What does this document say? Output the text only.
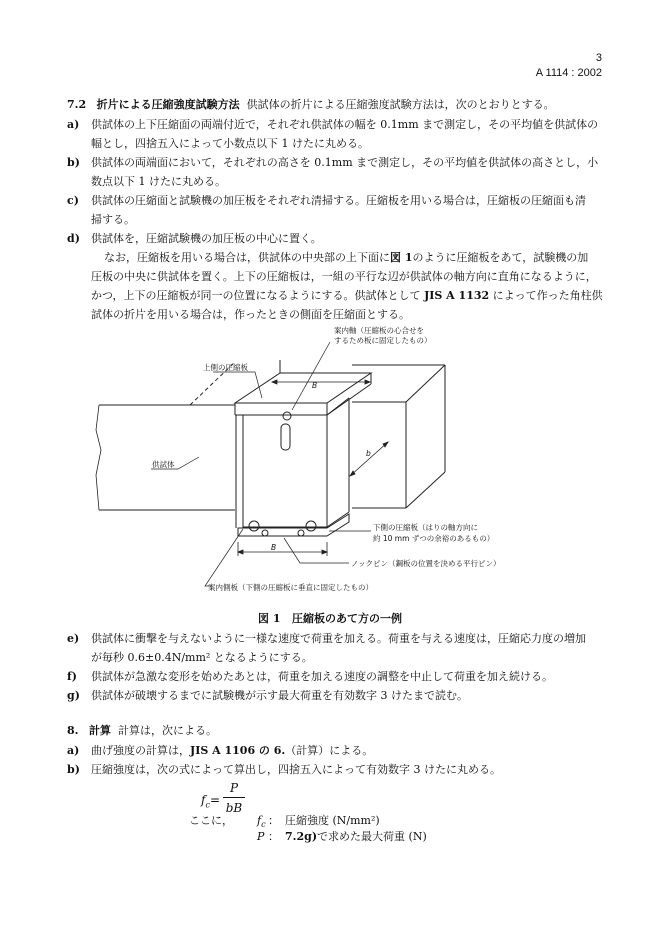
3
A 1114 : 2002
7.2 折片による圧縮強度試験方法 供試体の折片による圧縮強度試験方法は，次のとおりとする。
a) 供試体の上下圧縮面の両端付近で，それぞれ供試体の幅を 0.1mm まで測定し，その平均値を供試体の
幅とし，四捨五入によって小数点以下 1 けたに丸める。
b) 供試体の両端面において，それぞれの高さを 0.1mm まで測定し，その平均値を供試体の高さとし，小
数点以下 1 けたに丸める。
c) 供試体の圧縮面と試験機の加圧板をそれぞれ清掃する。圧縮板を用いる場合は，圧縮板の圧縮面も清
掃する。
d) 供試体を，圧縮試験機の加圧板の中心に置く。
なお，圧縮板を用いる場合は，供試体の中央部の上下面に図 1のように圧縮板をあて，試験機の加
圧板の中央に供試体を置く。上下の圧縮板は，一組の平行な辺が供試体の軸方向に直角になるように，
かつ，上下の圧縮板が同一の位置になるようにする。供試体として JIS A 1132 によって作った角柱供
試体の折片を用いる場合は，作ったときの側面を圧縮面とする。
案内軸（圧縮板の心合せを
するため板に固定したもの）
上側の圧縮板
供試体
下側の圧縮板（はりの軸方向に
約 10 mm ずつの余裕のあるもの）
ノックピン（鋼板の位置を決める平行ピン）
案内側板（下側の圧縮板に垂直に固定したもの）
B
B
b
図 1 圧縮板のあて方の一例
e) 供試体に衝撃を与えないように一様な速度で荷重を加える。荷重を与える速度は，圧縮応力度の増加
が毎秒 0.6±0.4N/mm² となるようにする。
f) 供試体が急激な変形を始めたあとは，荷重を加える速度の調整を中止して荷重を加え続ける。
g) 供試体が破壊するまでに試験機が示す最大荷重を有効数字 3 けたまで読む。
8. 計算 計算は，次による。
a) 曲げ強度の計算は，JIS A 1106 の 6.（計算）による。
b) 圧縮強度は，次の式によって算出し，四捨五入によって有効数字 3 けたに丸める。
$f_c=$
P
bB
ここに， $f_c$ ： 圧縮強度 (N/mm²)
P ： 7.2g)で求めた最大荷重 (N)
